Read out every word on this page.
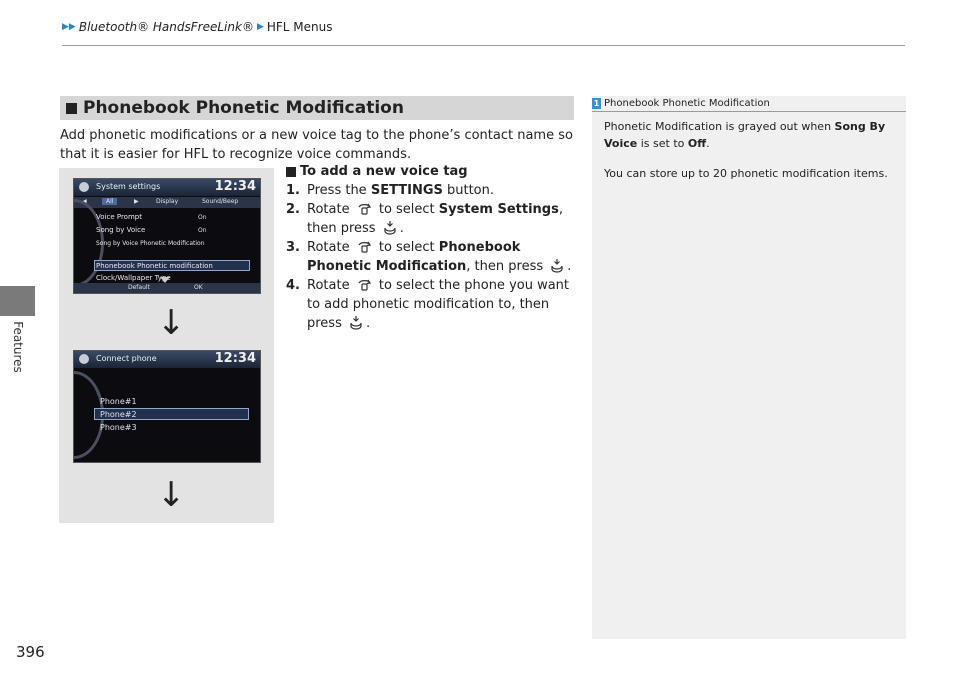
▶▶ Bluetooth® HandsFreeLink® ▶ HFL Menus
Features
396
Phonebook Phonetic Modification
Add phonetic modifications or a new voice tag to the phone’s contact name so that it is easier for HFL to recognize voice commands.
System settings	12:34
◀	All	▶	Display	Sound/Beep
Voice Prompt	On
Song by Voice	On
Song by Voice Phonetic Modification
Phonebook Phonetic modification
Clock/Wallpaper Type
Default	OK
↓
Connect phone	12:34
Phone#1
Phone#2
Phone#3
↓
To add a new voice tag
1. Press the SETTINGS button.
2. Rotate to select System Settings, then press .
3. Rotate to select Phonebook Phonetic Modification, then press .
4. Rotate to select the phone you want to add phonetic modification to, then press .
1 Phonebook Phonetic Modification
Phonetic Modification is grayed out when Song By Voice is set to Off.
You can store up to 20 phonetic modification items.
